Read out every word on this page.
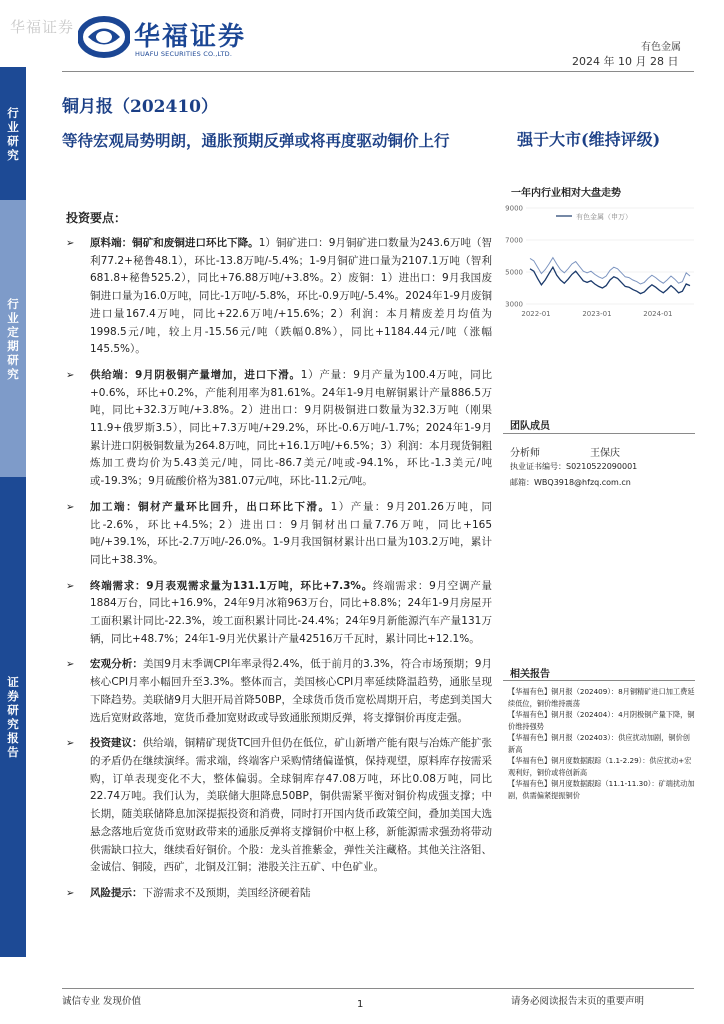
华福证券 华福证券
HUAFU SECURITIES CO.,LTD.
有色金属
2024 年 10 月 28 日
行
业
研
究
行
业
定
期
研
究
证
券
研
究
报
告
铜月报（202410）
等待宏观局势明朗，通胀预期反弹或将再度驱动铜价上行	强于大市(维持评级)
一年内行业相对大盘走势
3000
5000
7000
9000
2022-01	2023-01	2024-01
有色金属（申万）
团队成员
分析师	王保庆
执业证书编号：S0210522090001
邮箱：WBQ3918@hfzq.com.cn
相关报告
【华福有色】铜月报（202409）：8月铜精矿进口加工费延续低位，铜价维持震荡
【华福有色】铜月报（202404）：4月阴极铜产量下降，铜价维持强势
【华福有色】铜月报（202403）：供应扰动加剧，铜价创新高
【华福有色】铜月度数据跟踪（1.1-2.29）：供应扰动+宏观利好，铜价或将创新高
【华福有色】铜月度数据跟踪（11.1-11.30）：矿端扰动加剧，供需偏紧提振铜价
投资要点：
➢	原料端：铜矿和废铜进口环比下降。1）铜矿进口：9月铜矿进口数量为243.6万吨（智利77.2+秘鲁48.1），环比-13.8万吨/-5.4%；1-9月铜矿进口量为2107.1万吨（智利681.8+秘鲁525.2），同比+76.88万吨/+3.8%。2）废铜：1）进出口：9月我国废铜进口量为16.0万吨，同比-1万吨/-5.8%，环比-0.9万吨/-5.4%。2024年1-9月废铜进口量167.4万吨，同比+22.6万吨/+15.6%；2）利润：本月精废差月均值为1998.5元/吨，较上月-15.56元/吨（跌幅0.8%），同比+1184.44元/吨（涨幅145.5%）。
➢	供给端：9月阴极铜产量增加，进口下滑。1）产量：9月产量为100.4万吨，同比+0.6%，环比+0.2%，产能利用率为81.61%。24年1-9月电解铜累计产量886.5万吨，同比+32.3万吨/+3.8%。2）进出口：9月阴极铜进口数量为32.3万吨（刚果11.9+俄罗斯3.5），同比+7.3万吨/+29.2%，环比-0.6万吨/-1.7%；2024年1-9月累计进口阴极铜数量为264.8万吨，同比+16.1万吨/+6.5%；3）利润：本月现货铜粗炼加工费均价为5.43美元/吨，同比-86.7美元/吨或-94.1%，环比-1.3美元/吨或-19.3%；9月硫酸价格为381.07元/吨，环比-11.2元/吨。
➢	加工端：铜材产量环比回升，出口环比下滑。1）产量：9月201.26万吨，同比-2.6%，环比+4.5%；2）进出口：9月铜材出口量7.76万吨，同比+165吨/+39.1%，环比-2.7万吨/-26.0%。1-9月我国铜材累计出口量为103.2万吨，累计同比+38.3%。
➢	终端需求：9月表观需求量为131.1万吨，环比+7.3%。终端需求：9月空调产量1884万台，同比+16.9%，24年9月冰箱963万台，同比+8.8%；24年1-9月房屋开工面积累计同比-22.3%，竣工面积累计同比-24.4%；24年9月新能源汽车产量131万辆，同比+48.7%；24年1-9月光伏累计产量42516万千瓦时，累计同比+12.1%。
➢	宏观分析：美国9月末季调CPI年率录得2.4%，低于前月的3.3%，符合市场预期；9月核心CPI月率小幅回升至3.3%。整体而言，美国核心CPI月率延续降温趋势，通胀呈现下降趋势。美联储9月大胆开局首降50BP，全球货币货币宽松周期开启，考虑到美国大选后宽财政落地，宽货币叠加宽财政或导致通胀预期反弹，将支撑铜价再度走强。
➢	投资建议：供给端，铜精矿现货TC回升但仍在低位，矿山新增产能有限与冶炼产能扩张的矛盾仍在继续演绎。需求端，终端客户采购情绪偏谨慎，保持观望，原料库存按需采购，订单表现变化不大，整体偏弱。全球铜库存47.08万吨，环比0.08万吨，同比22.74万吨。我们认为，美联储大胆降息50BP，铜供需紧平衡对铜价构成强支撑；中长期，随美联储降息加深提振投资和消费，同时打开国内货币政策空间，叠加美国大选悬念落地后宽货币宽财政带来的通胀反弹将支撑铜价中枢上移，新能源需求强劲将带动供需缺口拉大，继续看好铜价。个股：龙头首推紫金，弹性关注藏格。其他关注洛钼、金诚信、铜陵，西矿，北铜及江铜；港股关注五矿、中色矿业。
➢	风险提示：下游需求不及预期，美国经济硬着陆
诚信专业 发现价值	1	请务必阅读报告末页的重要声明
